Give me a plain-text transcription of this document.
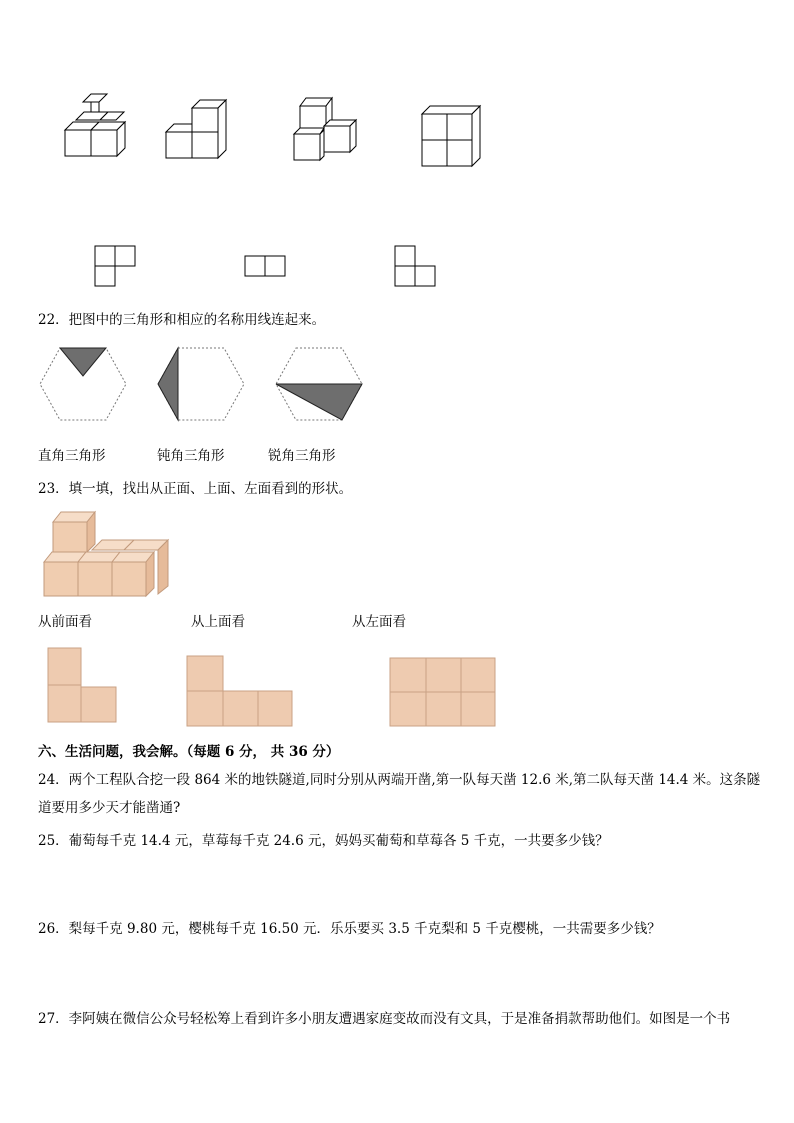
22．把图中的三角形和相应的名称用线连起来。
直角三角形	钝角三角形	锐角三角形
23．填一填，找出从正面、上面、左面看到的形状。
从前面看	从上面看	从左面看
六、生活问题，我会解。（每题 6 分， 共 36 分）
24．两个工程队合挖一段 864 米的地铁隧道,同时分别从两端开凿,第一队每天凿 12.6 米,第二队每天凿 14.4 米。这条隧
道要用多少天才能凿通?
25．葡萄每千克 14.4 元，草莓每千克 24.6 元，妈妈买葡萄和草莓各 5 千克，一共要多少钱？
26．梨每千克 9.80 元，樱桃每千克 16.50 元．乐乐要买 3.5 千克梨和 5 千克樱桃，一共需要多少钱？
27．李阿姨在微信公众号轻松筹上看到许多小朋友遭遇家庭变故而没有文具，于是准备捐款帮助他们。如图是一个书
